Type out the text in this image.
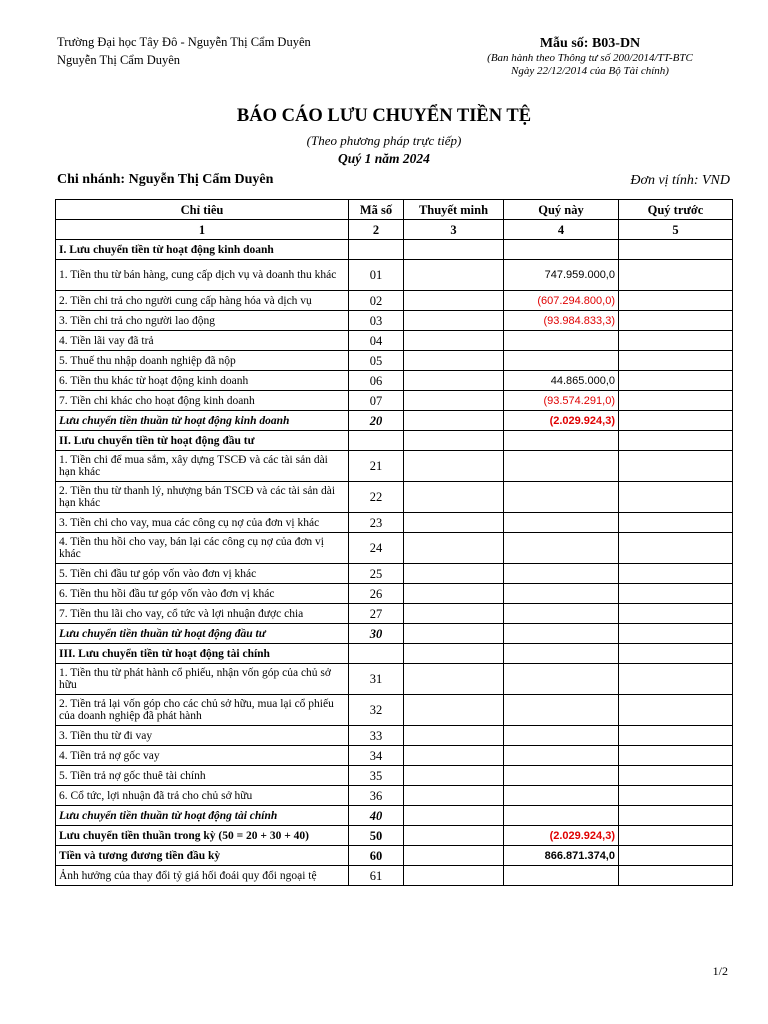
Trường Đại học Tây Đô - Nguyễn Thị Cẩm Duyên
Nguyễn Thị Cẩm Duyên
Mẫu số: B03-DN
(Ban hành theo Thông tư số 200/2014/TT-BTC
Ngày 22/12/2014 của Bộ Tài chính)
BÁO CÁO LƯU CHUYỂN TIỀN TỆ
(Theo phương pháp trực tiếp)
Quý 1 năm 2024
Chi nhánh: Nguyễn Thị Cẩm Duyên	Đơn vị tính: VND
Chỉ tiêu	Mã số	Thuyết minh	Quý này	Quý trước
1	2	3	4	5
I. Lưu chuyển tiền từ hoạt động kinh doanh				
1. Tiền thu từ bán hàng, cung cấp dịch vụ và doanh thu khác	01		747.959.000,0	
2. Tiền chi trả cho người cung cấp hàng hóa và dịch vụ	02		(607.294.800,0)	
3. Tiền chi trả cho người lao động	03		(93.984.833,3)	
4. Tiền lãi vay đã trả	04			
5. Thuế thu nhập doanh nghiệp đã nộp	05			
6. Tiền thu khác từ hoạt động kinh doanh	06		44.865.000,0	
7. Tiền chi khác cho hoạt động kinh doanh	07		(93.574.291,0)	
Lưu chuyển tiền thuần từ hoạt động kinh doanh	20		(2.029.924,3)	
II. Lưu chuyển tiền từ hoạt động đầu tư				
1. Tiền chi để mua sắm, xây dựng TSCĐ và các tài sản dài hạn khác	21			
2. Tiền thu từ thanh lý, nhượng bán TSCĐ và các tài sản dài hạn khác	22			
3. Tiền chi cho vay, mua các công cụ nợ của đơn vị khác	23			
4. Tiền thu hồi cho vay, bán lại các công cụ nợ của đơn vị khác	24			
5. Tiền chi đầu tư góp vốn vào đơn vị khác	25			
6. Tiền thu hồi đầu tư góp vốn vào đơn vị khác	26			
7. Tiền thu lãi cho vay, cổ tức và lợi nhuận được chia	27			
Lưu chuyển tiền thuần từ hoạt động đầu tư	30			
III. Lưu chuyển tiền từ hoạt động tài chính				
1. Tiền thu từ phát hành cổ phiếu, nhận vốn góp của chủ sở hữu	31			
2. Tiền trả lại vốn góp cho các chủ sở hữu, mua lại cổ phiếu của doanh nghiệp đã phát hành	32			
3. Tiền thu từ đi vay	33			
4. Tiền trả nợ gốc vay	34			
5. Tiền trả nợ gốc thuê tài chính	35			
6. Cổ tức, lợi nhuận đã trả cho chủ sở hữu	36			
Lưu chuyển tiền thuần từ hoạt động tài chính	40			
Lưu chuyển tiền thuần trong kỳ (50 = 20 + 30 + 40)	50		(2.029.924,3)	
Tiền và tương đương tiền đầu kỳ	60		866.871.374,0	
Ảnh hưởng của thay đổi tỷ giá hối đoái quy đổi ngoại tệ	61			
1/2
